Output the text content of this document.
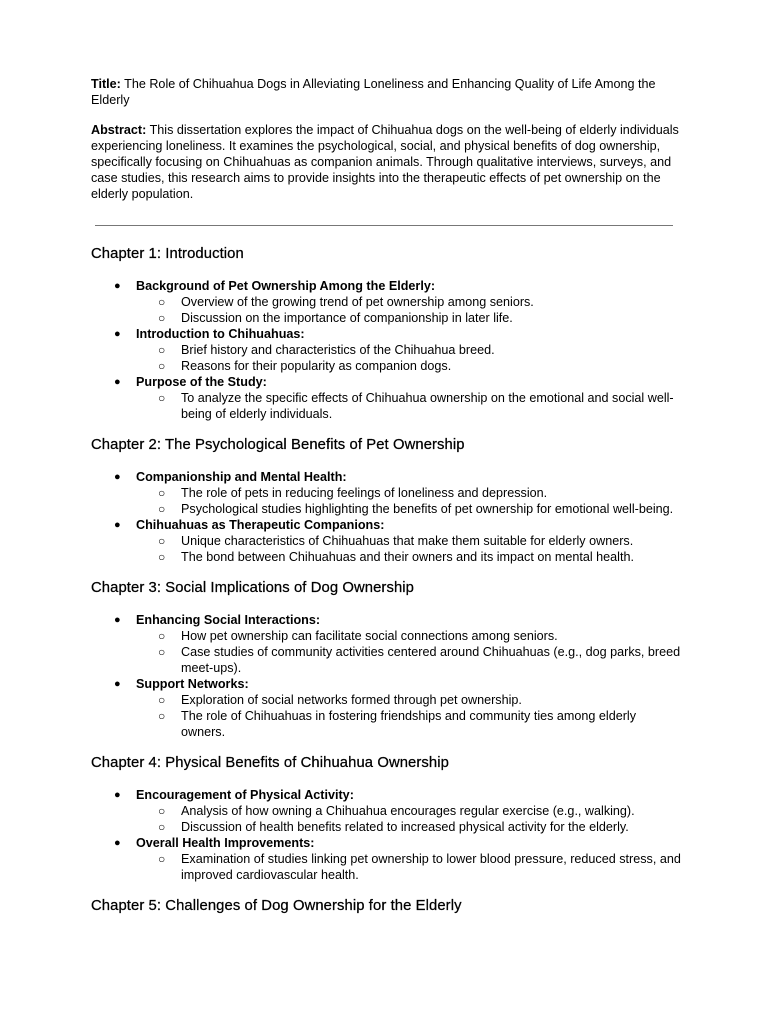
Title: The Role of Chihuahua Dogs in Alleviating Loneliness and Enhancing Quality of Life Among the Elderly

Abstract: This dissertation explores the impact of Chihuahua dogs on the well-being of elderly individuals experiencing loneliness. It examines the psychological, social, and physical benefits of dog ownership, specifically focusing on Chihuahuas as companion animals. Through qualitative interviews, surveys, and case studies, this research aims to provide insights into the therapeutic effects of pet ownership on the elderly population.

Chapter 1: Introduction
● Background of Pet Ownership Among the Elderly:
○ Overview of the growing trend of pet ownership among seniors.
○ Discussion on the importance of companionship in later life.
● Introduction to Chihuahuas:
○ Brief history and characteristics of the Chihuahua breed.
○ Reasons for their popularity as companion dogs.
● Purpose of the Study:
○ To analyze the specific effects of Chihuahua ownership on the emotional and social well-being of elderly individuals.
Chapter 2: The Psychological Benefits of Pet Ownership
● Companionship and Mental Health:
○ The role of pets in reducing feelings of loneliness and depression.
○ Psychological studies highlighting the benefits of pet ownership for emotional well-being.
● Chihuahuas as Therapeutic Companions:
○ Unique characteristics of Chihuahuas that make them suitable for elderly owners.
○ The bond between Chihuahuas and their owners and its impact on mental health.
Chapter 3: Social Implications of Dog Ownership
● Enhancing Social Interactions:
○ How pet ownership can facilitate social connections among seniors.
○ Case studies of community activities centered around Chihuahuas (e.g., dog parks, breed meet-ups).
● Support Networks:
○ Exploration of social networks formed through pet ownership.
○ The role of Chihuahuas in fostering friendships and community ties among elderly owners.
Chapter 4: Physical Benefits of Chihuahua Ownership
● Encouragement of Physical Activity:
○ Analysis of how owning a Chihuahua encourages regular exercise (e.g., walking).
○ Discussion of health benefits related to increased physical activity for the elderly.
● Overall Health Improvements:
○ Examination of studies linking pet ownership to lower blood pressure, reduced stress, and improved cardiovascular health.
Chapter 5: Challenges of Dog Ownership for the Elderly
